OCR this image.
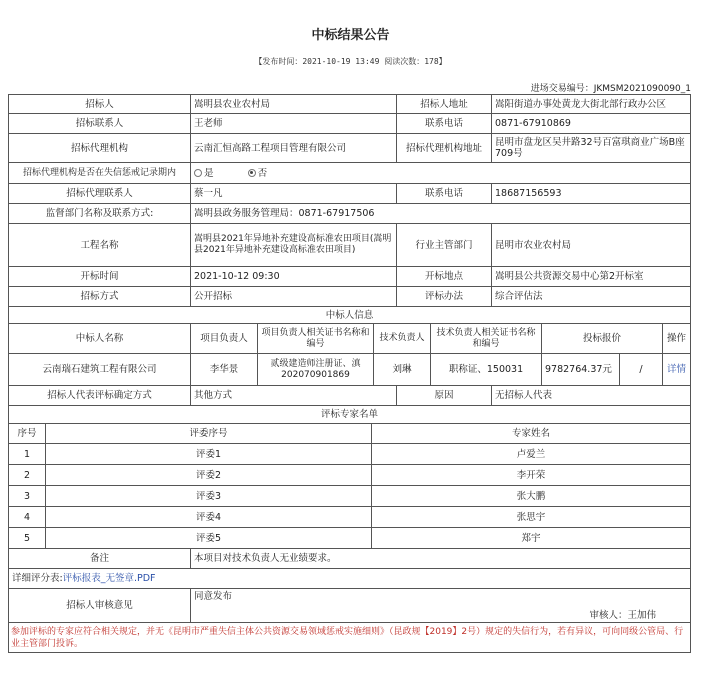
中标结果公告
【发布时间：2021-10-19 13:49 阅读次数：178】
进场交易编号：JKMSM2021090090_1
招标人	嵩明县农业农村局	招标人地址	嵩阳街道办事处黄龙大街北部行政办公区
招标联系人	王老师	联系电话	0871-67910869
招标代理机构	云南汇恒高路工程项目管理有限公司	招标代理机构地址	昆明市盘龙区吴井路32号百富琪商业广场B座709号
招标代理机构是否在失信惩戒记录期内	是 否		
招标代理联系人	蔡一凡	联系电话	18687156593
监督部门名称及联系方式:	嵩明县政务服务管理局：0871-67917506		
工程名称	嵩明县2021年异地补充建设高标准农田项目(嵩明县2021年异地补充建设高标准农田项目)	行业主管部门	昆明市农业农村局
开标时间	2021-10-12 09:30	开标地点	嵩明县公共资源交易中心第2开标室
招标方式	公开招标	评标办法	综合评估法
中标人信息							
中标人名称	项目负责人	项目负责人相关证书名称和编号	技术负责人	技术负责人相关证书名称和编号	投标报价		操作
云南瑞石建筑工程有限公司	李华景	贰级建造师注册证、滇202070901869	刘琳	职称证、150031	9782764.37元	/	详情
招标人代表评标确定方式	其他方式	原因	无招标人代表
评标专家名单		
序号	评委序号	专家姓名
1	评委1	卢爱兰
2	评委2	李开荣
3	评委3	张大鹏
4	评委4	张思宇
5	评委5	郑宇
备注	本项目对技术负责人无业绩要求。
详细评分表:评标报表_无签章.PDF	
招标人审核意见	同意发布
审核人：王加伟

参加评标的专家应符合相关规定，并无《昆明市严重失信主体公共资源交易领域惩戒实施细则》（昆政规【2019】2号）规定的失信行为，若有异议，可向同级公管局、行业主管部门投诉。	
